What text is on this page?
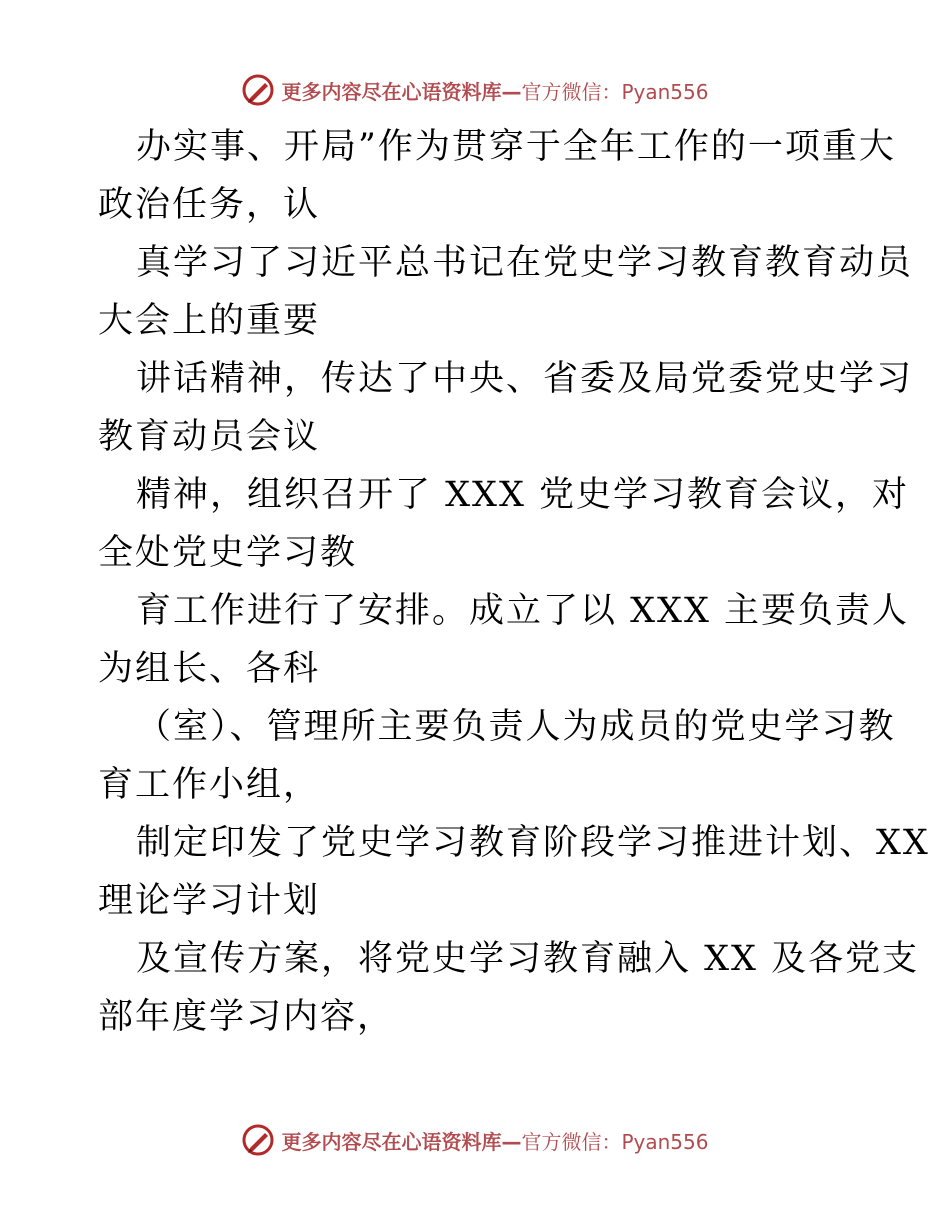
更多内容尽在心语资料库—官方微信：Pyan556
办实事、开局”作为贯穿于全年工作的一项重大
政治任务，认
真学习了习近平总书记在党史学习教育教育动员
大会上的重要
讲话精神，传达了中央、省委及局党委党史学习
教育动员会议
精神，组织召开了 XXX 党史学习教育会议，对
全处党史学习教
育工作进行了安排。成立了以 XXX 主要负责人
为组长、各科
（室）、管理所主要负责人为成员的党史学习教
育工作小组，
制定印发了党史学习教育阶段学习推进计划、XX
理论学习计划
及宣传方案，将党史学习教育融入 XX 及各党支
部年度学习内容，
更多内容尽在心语资料库—官方微信：Pyan556
